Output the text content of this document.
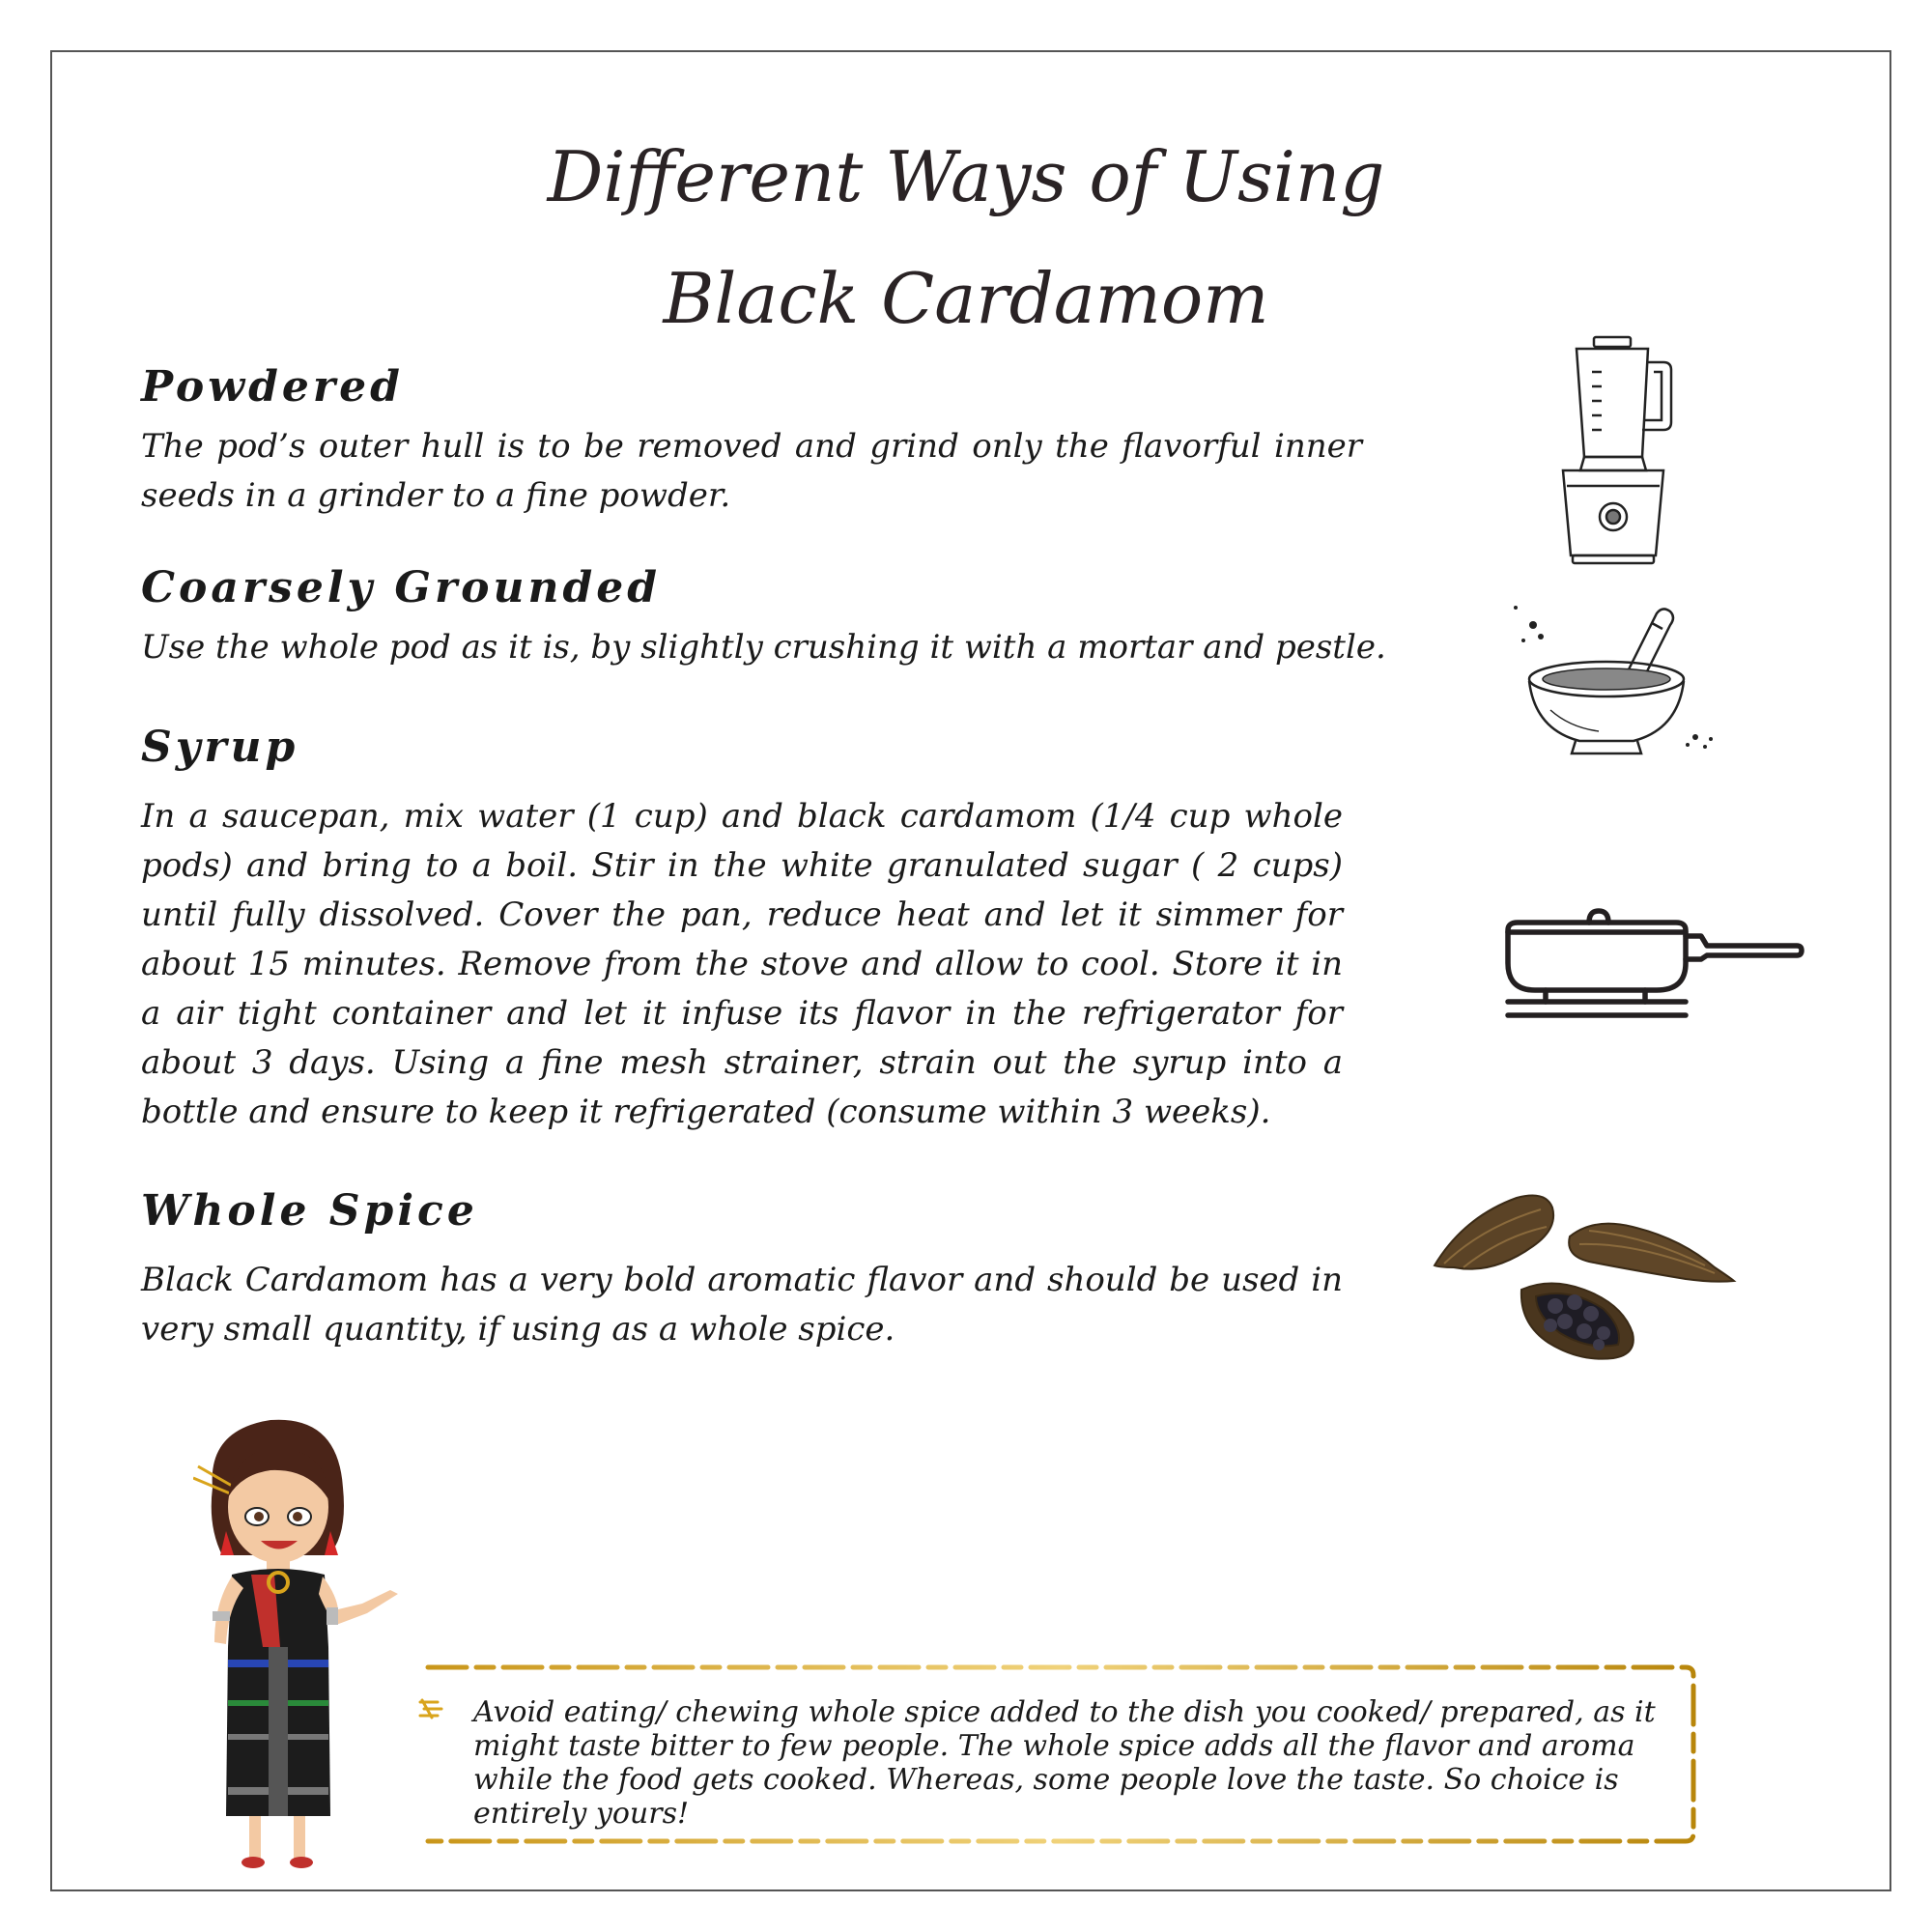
Different Ways of Using
Black Cardamom
Powdered
The pod’s outer hull is to be removed and grind only the flavorful inner seeds in a grinder to a fine powder.
Coarsely Grounded
Use the whole pod as it is, by slightly crushing it with a mortar and pestle.
Syrup
In a saucepan, mix water (1 cup) and black cardamom (1/4 cup whole pods) and bring to a boil. Stir in the white granulated sugar ( 2 cups) until fully dissolved. Cover the pan, reduce heat and let it simmer for about 15 minutes. Remove from the stove and allow to cool. Store it in a air tight container and let it infuse its flavor in the refrigerator for about 3 days. Using a fine mesh strainer, strain out the syrup into a bottle and ensure to keep it refrigerated (consume within 3 weeks).
Whole Spice
Black Cardamom has a very bold aromatic flavor and should be used in very small quantity, if using as a whole spice.
Avoid eating/ chewing whole spice added to the dish you cooked/ prepared, as it might taste bitter to few people. The whole spice adds all the flavor and aroma while the food gets cooked. Whereas, some people love the taste. So choice is entirely yours!
